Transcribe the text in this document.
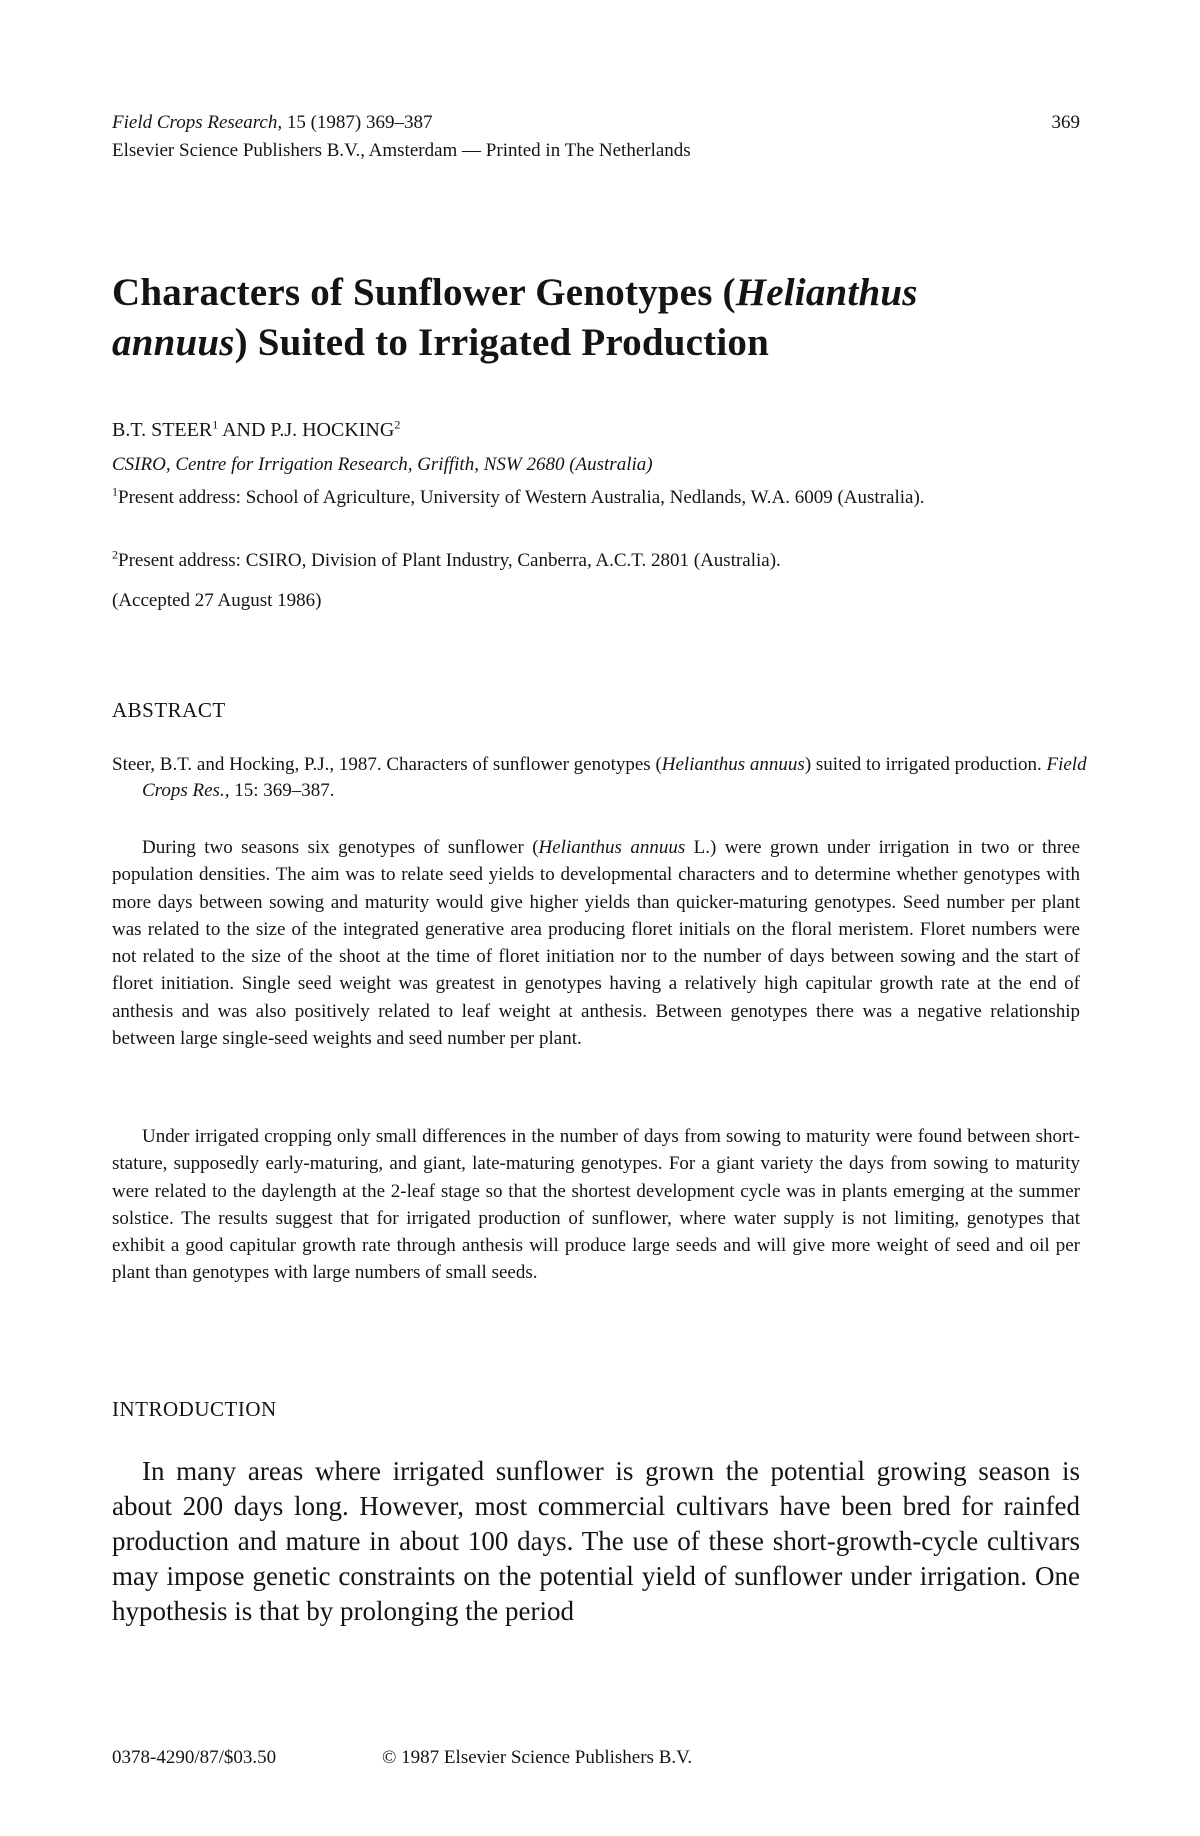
Field Crops Research, 15 (1987) 369–387
Elsevier Science Publishers B.V., Amsterdam — Printed in The Netherlands
369
Characters of Sunflower Genotypes (Helianthus
annuus) Suited to Irrigated Production
B.T. STEER$^1$ AND P.J. HOCKING$^2$
CSIRO, Centre for Irrigation Research, Griffith, NSW 2680 (Australia)
$^1$Present address: School of Agriculture, University of Western Australia, Nedlands, W.A. 6009 (Australia).
$^2$Present address: CSIRO, Division of Plant Industry, Canberra, A.C.T. 2801 (Australia).
(Accepted 27 August 1986)
ABSTRACT
Steer, B.T. and Hocking, P.J., 1987. Characters of sunflower genotypes (Helianthus annuus) suited to irrigated production. Field Crops Res., 15: 369–387.
During two seasons six genotypes of sunflower (Helianthus annuus L.) were grown under irrigation in two or three population densities. The aim was to relate seed yields to developmental characters and to determine whether genotypes with more days between sowing and maturity would give higher yields than quicker-maturing genotypes. Seed number per plant was related to the size of the integrated generative area producing floret initials on the floral meristem. Floret numbers were not related to the size of the shoot at the time of floret initiation nor to the number of days between sowing and the start of floret initiation. Single seed weight was greatest in genotypes having a relatively high capitular growth rate at the end of anthesis and was also positively related to leaf weight at anthesis. Between genotypes there was a negative relationship between large single-seed weights and seed number per plant.
Under irrigated cropping only small differences in the number of days from sowing to maturity were found between short-stature, supposedly early-maturing, and giant, late-maturing genotypes. For a giant variety the days from sowing to maturity were related to the daylength at the 2-leaf stage so that the shortest development cycle was in plants emerging at the summer solstice. The results suggest that for irrigated production of sunflower, where water supply is not limiting, genotypes that exhibit a good capitular growth rate through anthesis will produce large seeds and will give more weight of seed and oil per plant than genotypes with large numbers of small seeds.
INTRODUCTION
In many areas where irrigated sunflower is grown the potential growing season is about 200 days long. However, most commercial cultivars have been bred for rainfed production and mature in about 100 days. The use of these short-growth-cycle cultivars may impose genetic constraints on the potential yield of sunflower under irrigation. One hypothesis is that by prolonging the period
0378-4290/87/$03.50	© 1987 Elsevier Science Publishers B.V.
